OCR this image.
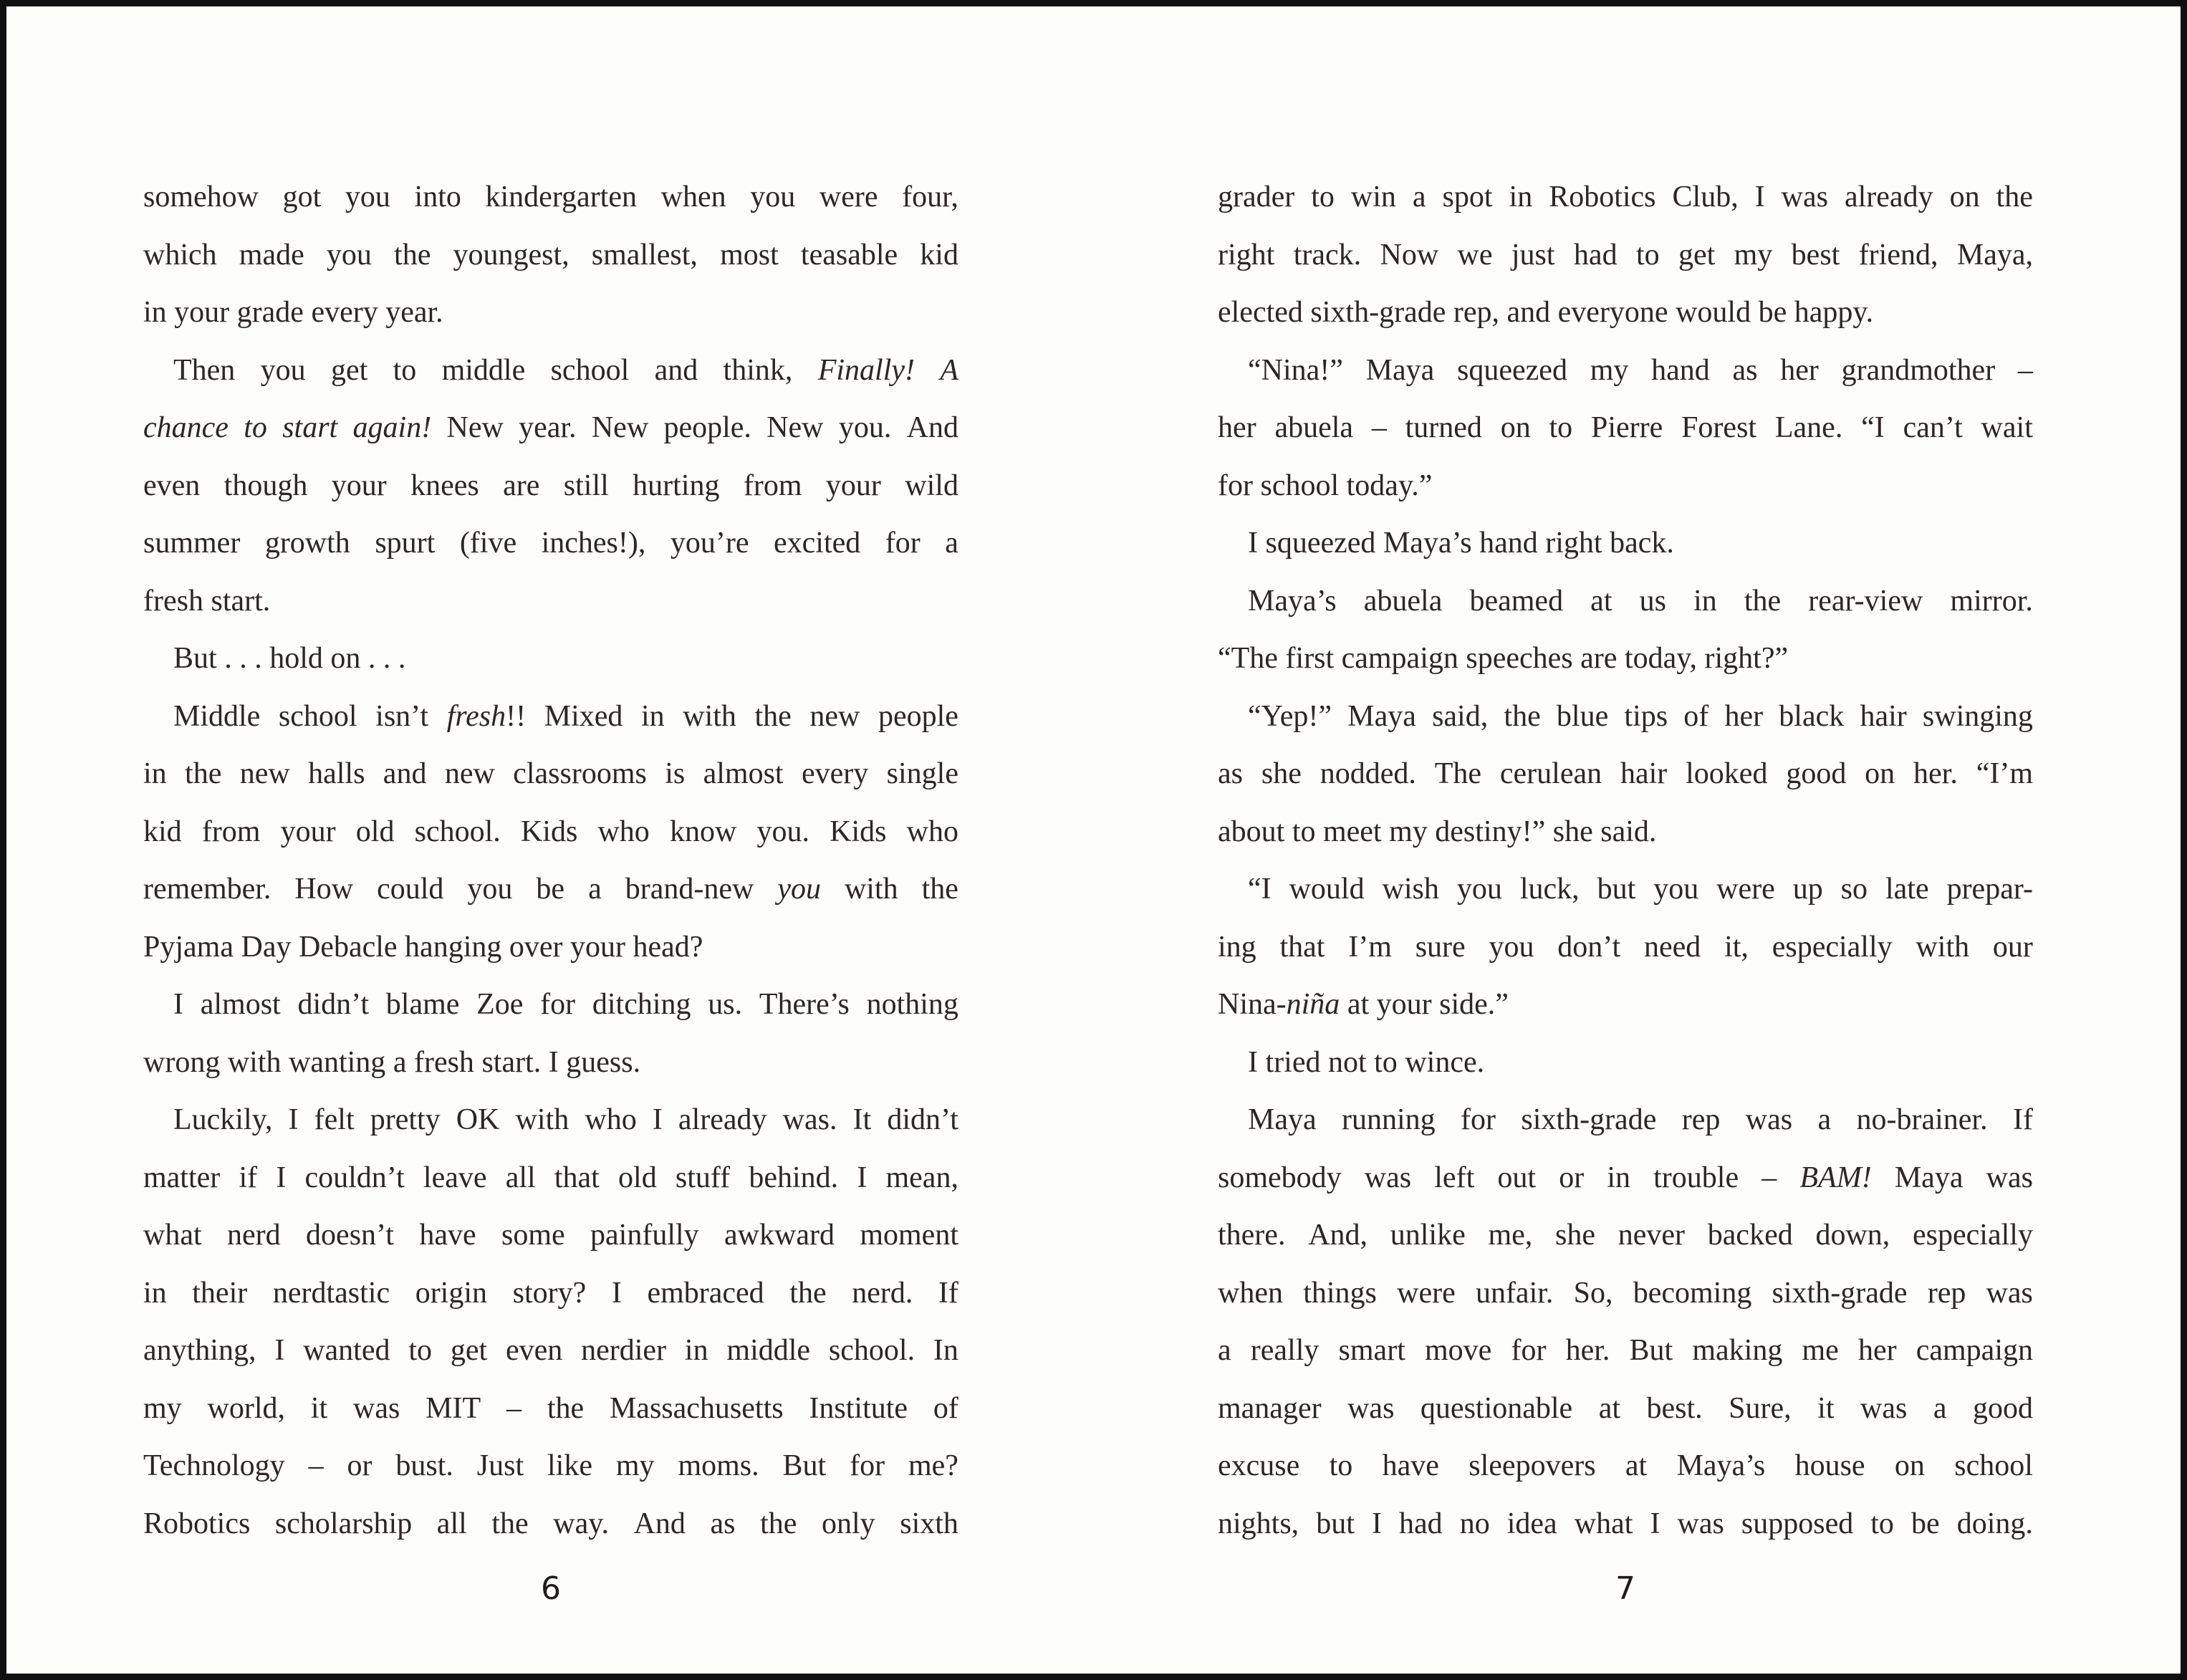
somehow got you into kindergarten when you were four,
which made you the youngest, smallest, most teasable kid
in your grade every year.
Then you get to middle school and think, Finally! A
chance to start again! New year. New people. New you. And
even though your knees are still hurting from your wild
summer growth spurt (five inches!), you’re excited for a
fresh start.
But . . . hold on . . .
Middle school isn’t fresh!! Mixed in with the new people
in the new halls and new classrooms is almost every single
kid from your old school. Kids who know you. Kids who
remember. How could you be a brand-new you with the
Pyjama Day Debacle hanging over your head?
I almost didn’t blame Zoe for ditching us. There’s nothing
wrong with wanting a fresh start. I guess.
Luckily, I felt pretty OK with who I already was. It didn’t
matter if I couldn’t leave all that old stuff behind. I mean,
what nerd doesn’t have some painfully awkward moment
in their nerdtastic origin story? I embraced the nerd. If
anything, I wanted to get even nerdier in middle school. In
my world, it was MIT – the Massachusetts Institute of
Technology – or bust. Just like my moms. But for me?
Robotics scholarship all the way. And as the only sixth
grader to win a spot in Robotics Club, I was already on the
right track. Now we just had to get my best friend, Maya,
elected sixth-grade rep, and everyone would be happy.
“Nina!” Maya squeezed my hand as her grandmother –
her abuela – turned on to Pierre Forest Lane. “I can’t wait
for school today.”
I squeezed Maya’s hand right back.
Maya’s abuela beamed at us in the rear-view mirror.
“The first campaign speeches are today, right?”
“Yep!” Maya said, the blue tips of her black hair swinging
as she nodded. The cerulean hair looked good on her. “I’m
about to meet my destiny!” she said.
“I would wish you luck, but you were up so late prepar-
ing that I’m sure you don’t need it, especially with our
Nina-niña at your side.”
I tried not to wince.
Maya running for sixth-grade rep was a no-brainer. If
somebody was left out or in trouble – BAM! Maya was
there. And, unlike me, she never backed down, especially
when things were unfair. So, becoming sixth-grade rep was
a really smart move for her. But making me her campaign
manager was questionable at best. Sure, it was a good
excuse to have sleepovers at Maya’s house on school
nights, but I had no idea what I was supposed to be doing.
6	7
